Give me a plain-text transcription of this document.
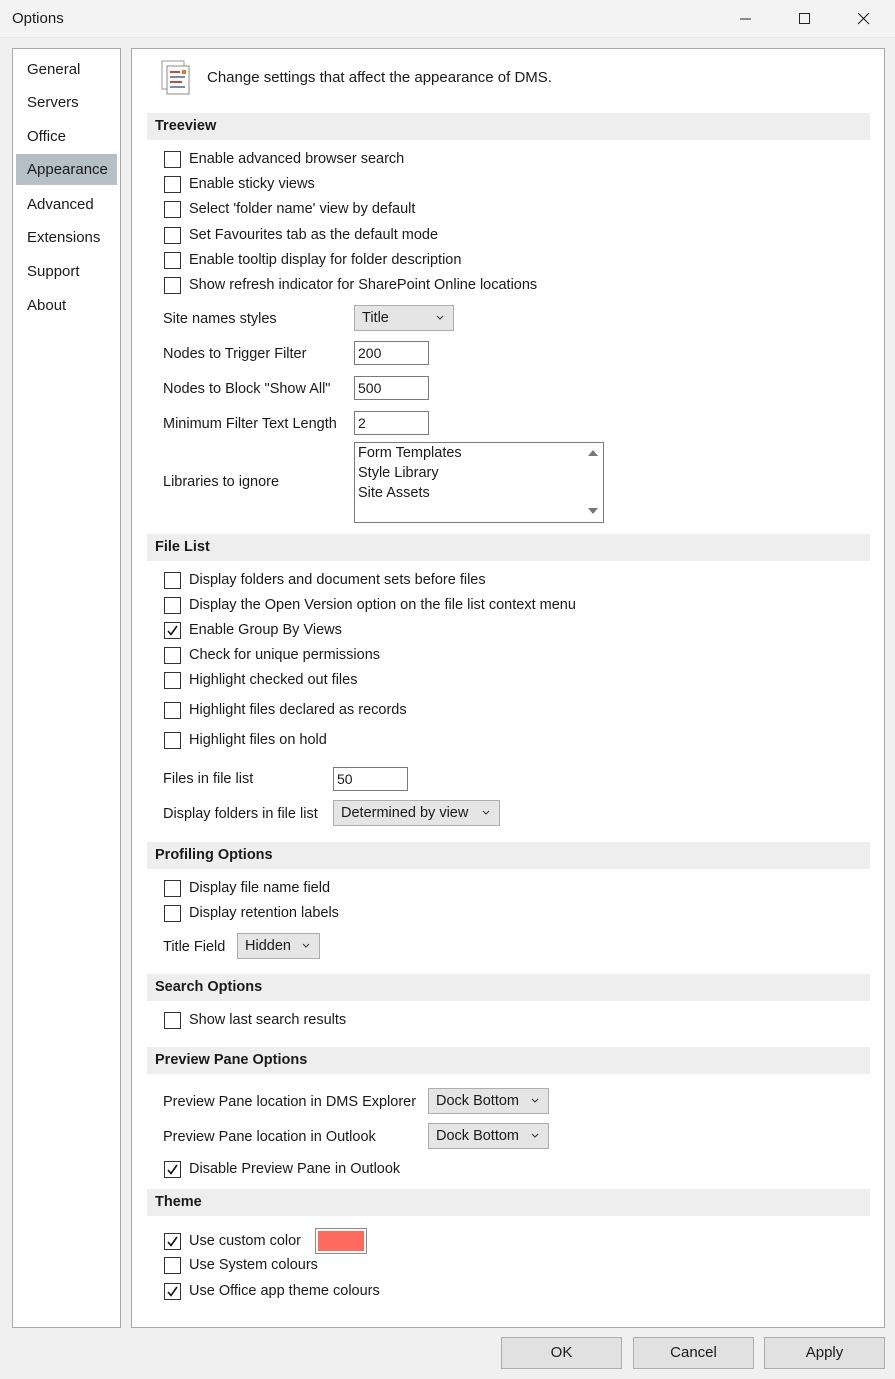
Options
General
Servers
Office
Appearance
Advanced
Extensions
Support
About
Change settings that affect the appearance of DMS.
Treeview
Enable advanced browser search
Enable sticky views
Select 'folder name' view by default
Set Favourites tab as the default mode
Enable tooltip display for folder description
Show refresh indicator for SharePoint Online locations
Site names styles	Title
Nodes to Trigger Filter	200
Nodes to Block "Show All" 500
Minimum Filter Text Length 2
Libraries to ignore
Form Templates
Style Library
Site Assets
File List
Display folders and document sets before files
Display the Open Version option on the file list context menu
Enable Group By Views
Check for unique permissions
Highlight checked out files
Highlight files declared as records
Highlight files on hold
Files in file list	50
Display folders in file list	Determined by view
Profiling Options
Display file name field
Display retention labels
Title Field	Hidden
Search Options
Show last search results
Preview Pane Options
Preview Pane location in DMS Explorer	Dock Bottom
Preview Pane location in Outlook	Dock Bottom
Disable Preview Pane in Outlook
Theme
Use custom color
Use System colours
Use Office app theme colours
OK	Cancel	Apply
